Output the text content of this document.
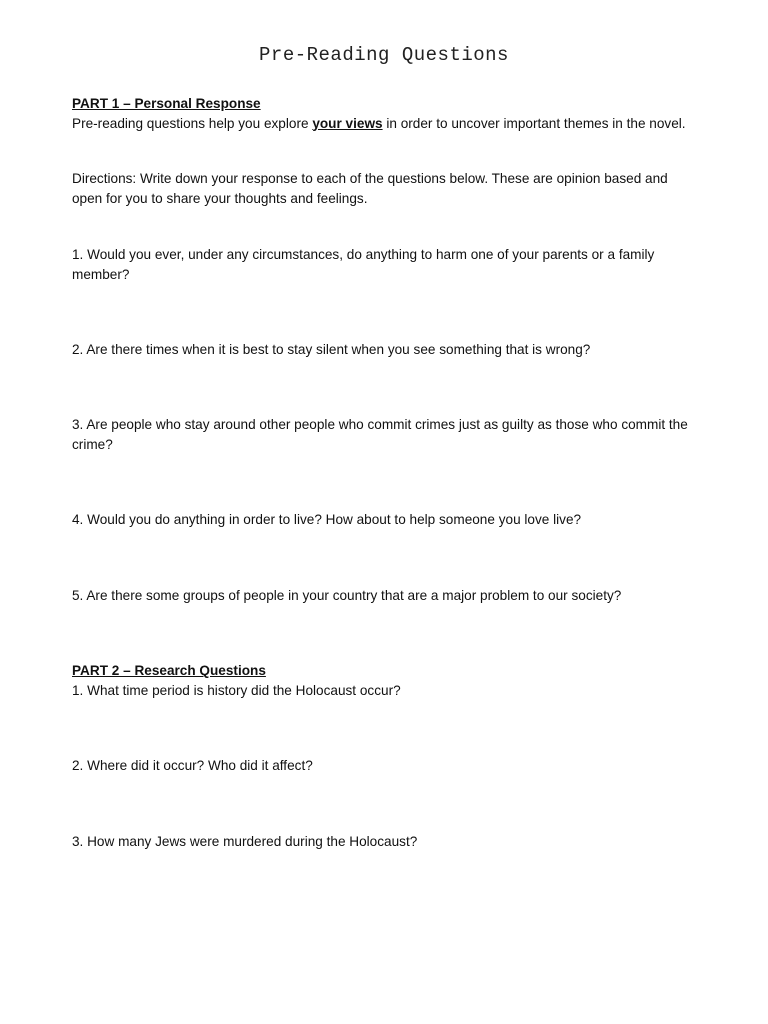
Pre-Reading Questions
PART 1 – Personal Response
Pre-reading questions help you explore your views in order to uncover important themes in the novel.
Directions: Write down your response to each of the questions below. These are opinion based and open for you to share your thoughts and feelings.
1. Would you ever, under any circumstances, do anything to harm one of your parents or a family member?
2. Are there times when it is best to stay silent when you see something that is wrong?
3. Are people who stay around other people who commit crimes just as guilty as those who commit the crime?
4. Would you do anything in order to live? How about to help someone you love live?
5. Are there some groups of people in your country that are a major problem to our society?
PART 2 – Research Questions
1. What time period is history did the Holocaust occur?
2. Where did it occur? Who did it affect?
3. How many Jews were murdered during the Holocaust?
